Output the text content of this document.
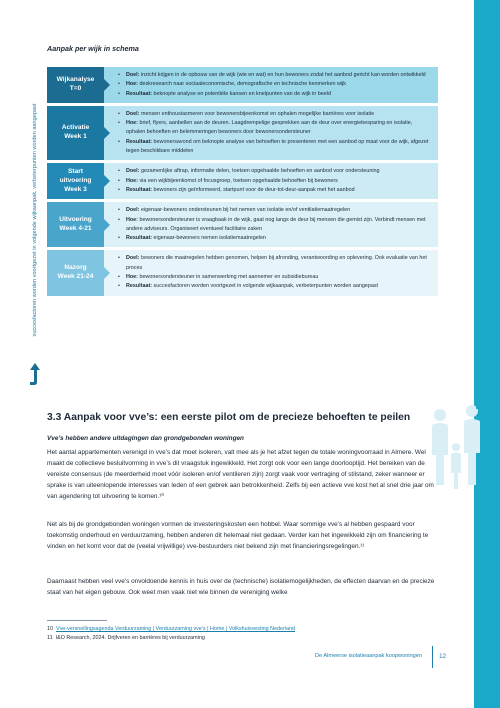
Aanpak per wijk in schema
succesfactoren worden voortgezet in volgende wijkaanpak, verbeterpunten worden aangepast
Wijkanalyse
T=0
• Doel: inzicht krijgen in de opbouw van de wijk (wie en wat) en hun bewoners zodat het aanbod gericht kan worden ontwikkeld
• Hoe: deskresearch naar sociaaleconomische, demografische en technische kenmerken wijk
• Resultaat: beknopte analyse en potentiële kansen en knelpunten van de wijk in beeld
Activatie
Week 1
• Doel: mensen enthousiasmeren voor bewonersbijeenkomst en ophalen mogelijke barrières voor isolatie
• Hoe: brief, flyers, aanbellen aan de deuren. Laagdrempelige gesprekken aan de deur over energiebesparing en isolatie, ophalen behoeften en belemmeringen bewoners door bewonersondersteuner
• Resultaat: bewonersavond om beknopte analyse van behoeften te presenteren met een aanbod op maat voor de wijk, afgezet tegen beschikbare middelen
Start
uitvoering
Week 3
• Doel: gezamenlijke aftrap, informatie delen, toetsen opgehaalde behoeften en aanbod voor ondersteuning
• Hoe: via een wijkbijeenkomst of focusgroep, toetsen opgehaalde behoeften bij bewoners
• Resultaat: bewoners zijn geïnformeerd, startpunt voor de deur-tot-deur-aanpak met het aanbod
Uitvoering
Week 4-21
• Doel: eigenaar-bewoners ondersteunen bij het nemen van isolatie en/of ventilatiemaatregelen
• Hoe: bewonersondersteuner is vraagbaak in de wijk, gaat nog langs de deur bij mensen die gemist zijn. Verbindt mensen met andere adviseurs. Organiseert eventueel facilitaire zaken
• Resultaat: eigenaar-bewoners nemen isolatiemaatregelen
Nazorg
Week 21-24
• Doel: bewoners die maatregelen hebben genomen, helpen bij afronding, verantwoording en oplevering. Ook evaluatie van het proces
• Hoe: bewonersondersteuner in samenwerking met aannemer en subsidiebureau
• Resultaat: succesfactoren worden voortgezet in volgende wijkaanpak, verbeterpunten worden aangepast
3.3 Aanpak voor vve’s: een eerste pilot om de precieze behoeften te peilen
Vve’s hebben andere uitdagingen dan grondgebonden woningen

Het aantal appartementen verenigd in vve’s dat moet isoleren, valt mee als je het afzet tegen de totale woningvoorraad in Almere. Wel maakt de collectieve besluitvorming in vve’s dit vraagstuk ingewikkeld. Het zorgt ook voor een lange doorlooptijd. Het bereiken van de vereiste consensus (de meerderheid moet vóór isoleren en/of ventileren zijn) zorgt vaak voor vertraging of stilstand, zeker wanneer er sprake is van uiteenlopende interesses van leden of een gebrek aan betrokkenheid. Zelfs bij een actieve vve kost het al snel drie jaar om van agendering tot uitvoering te komen.¹⁰

Net als bij de grondgebonden woningen vormen de investeringskosten een hobbel. Waar sommige vve’s al hebben gespaard voor toekomstig onderhoud en verduurzaming, hebben anderen dit helemaal niet gedaan. Verder kan het ingewikkeld zijn om financiering te vinden en het komt voor dat de (veelal vrijwillige) vve-bestuurders niet bekend zijn met financieringsregelingen.¹¹

Daarnaast hebben veel vve’s onvoldoende kennis in huis over de (technische) isolatiemogelijkheden, de effecten daarvan en de precieze staat van het eigen gebouw. Ook weet men vaak niet wie binnen de vereniging welke

10 Vve-versnellingsagenda Verduurzaming | Verduurzaming vve’s | Home | Volkshuisvesting Nederland
11 I&O Research, 2024. Drijfveren en barrières bij verduurzaming
De Almeerse isolatieaanpak koopwoningen	12
